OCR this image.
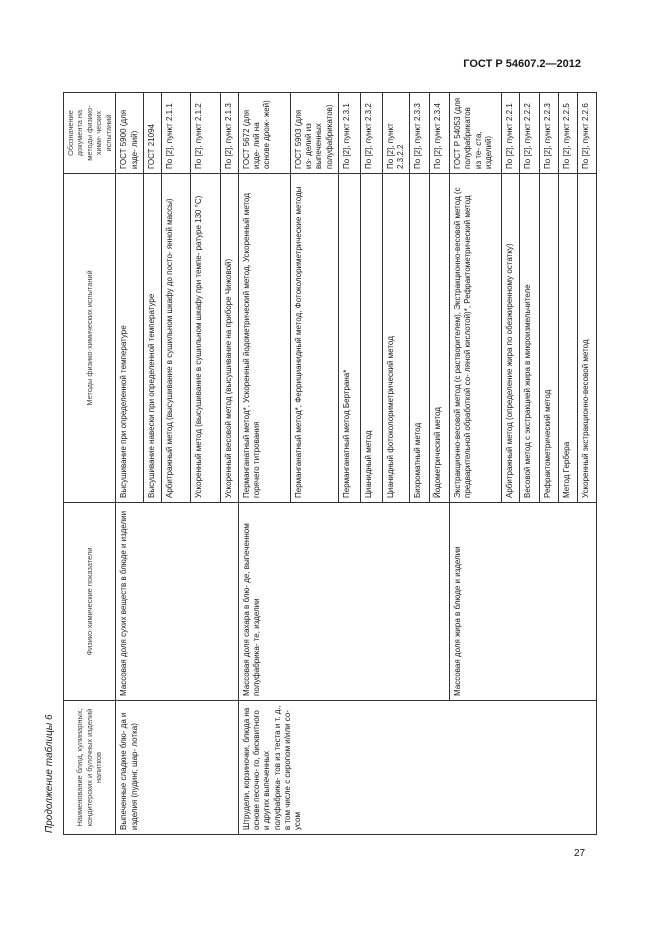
ГОСТ Р 54607.2—2012
Продолжение таблицы 6	Наименование блюд, кулинарных, кондитерских и булочных изделий напитков	Физико-химические показатели	Методы физико-химических испытаний	Обозначение документа на методы физико-хими- ческих испытаний
Выпеченные сладкие блю- да и изделия (пудинг, шар- лотка)	Массовая доля сухих веществ в блюде и изделии	Высушивание при определенной температуре	ГОСТ 5900 (для изде- лий)
		Высушивание навески при определенной температуре	ГОСТ 21094
		Арбитражный метод (высушивание в сушильном шкафу до посто- янной массы)	По [2], пункт 2.1.1
		Ускоренный метод (высушивание в сушильном шкафу при темпе- ратуре 130 °С)	По [2], пункт 2.1.2
		Ускоренный весовой метод (высушивание на приборе Чижовой)	По [2], пункт 2.1.3
Штрудели, корзиночки, блюда на основе песочно- го, бисквитного и других выпеченных полуфабрика- тов из теста и т. д., в том числе с сиропом и/или со- усом	Массовая доля сахара в блю- де, выпеченном полуфабрика- те, изделии	Перманганатный метод*, Ускоренный йодометрический метод, Ускоренный метод горячего титрования	ГОСТ 5672 (для изде- лий на основе дрож- жей)
		Перманганатный метод*, Феррицианидный метод, Фотоколориметрические методы	ГОСТ 5903 (для из- делий из выпеченных полуфабрикатов)
		Перманганатный метод Бертрана*	По [2], пункт 2.3.1
		Цианидный метод	По [2], пункт 2.3.2
		Цианидный фотоколориметрический метод	По [2], пункт 2.3.2.2
		Бихроматный метод	По [2], пункт 2.3.3
		Йодометрический метод	По [2], пункт 2.3.4
	Массовая доля жира в блюде и изделии	Экстракционно-весовой метод (с растворителем), Экстракционно-весовой метод (с предварительной обработкой со- ляной кислотой)*, Рефрактометрический метод	ГОСТ Р 54053 (для полуфабрикатов из те- ста, изделий)
		Арбитражный метод (определение жира по обезжиренному остатку)	По [2], пункт 2.2.1
		Весовой метод с экстракцией жира в микроизмельчителе	По [2], пункт 2.2.2
		Рефрактометрический метод	По [2], пункт 2.2.3
		Метод Гербера	По [2], пункт 2.2.5
		Ускоренный экстракционно-весовой метод	По [2], пункт 2.2.6
27
